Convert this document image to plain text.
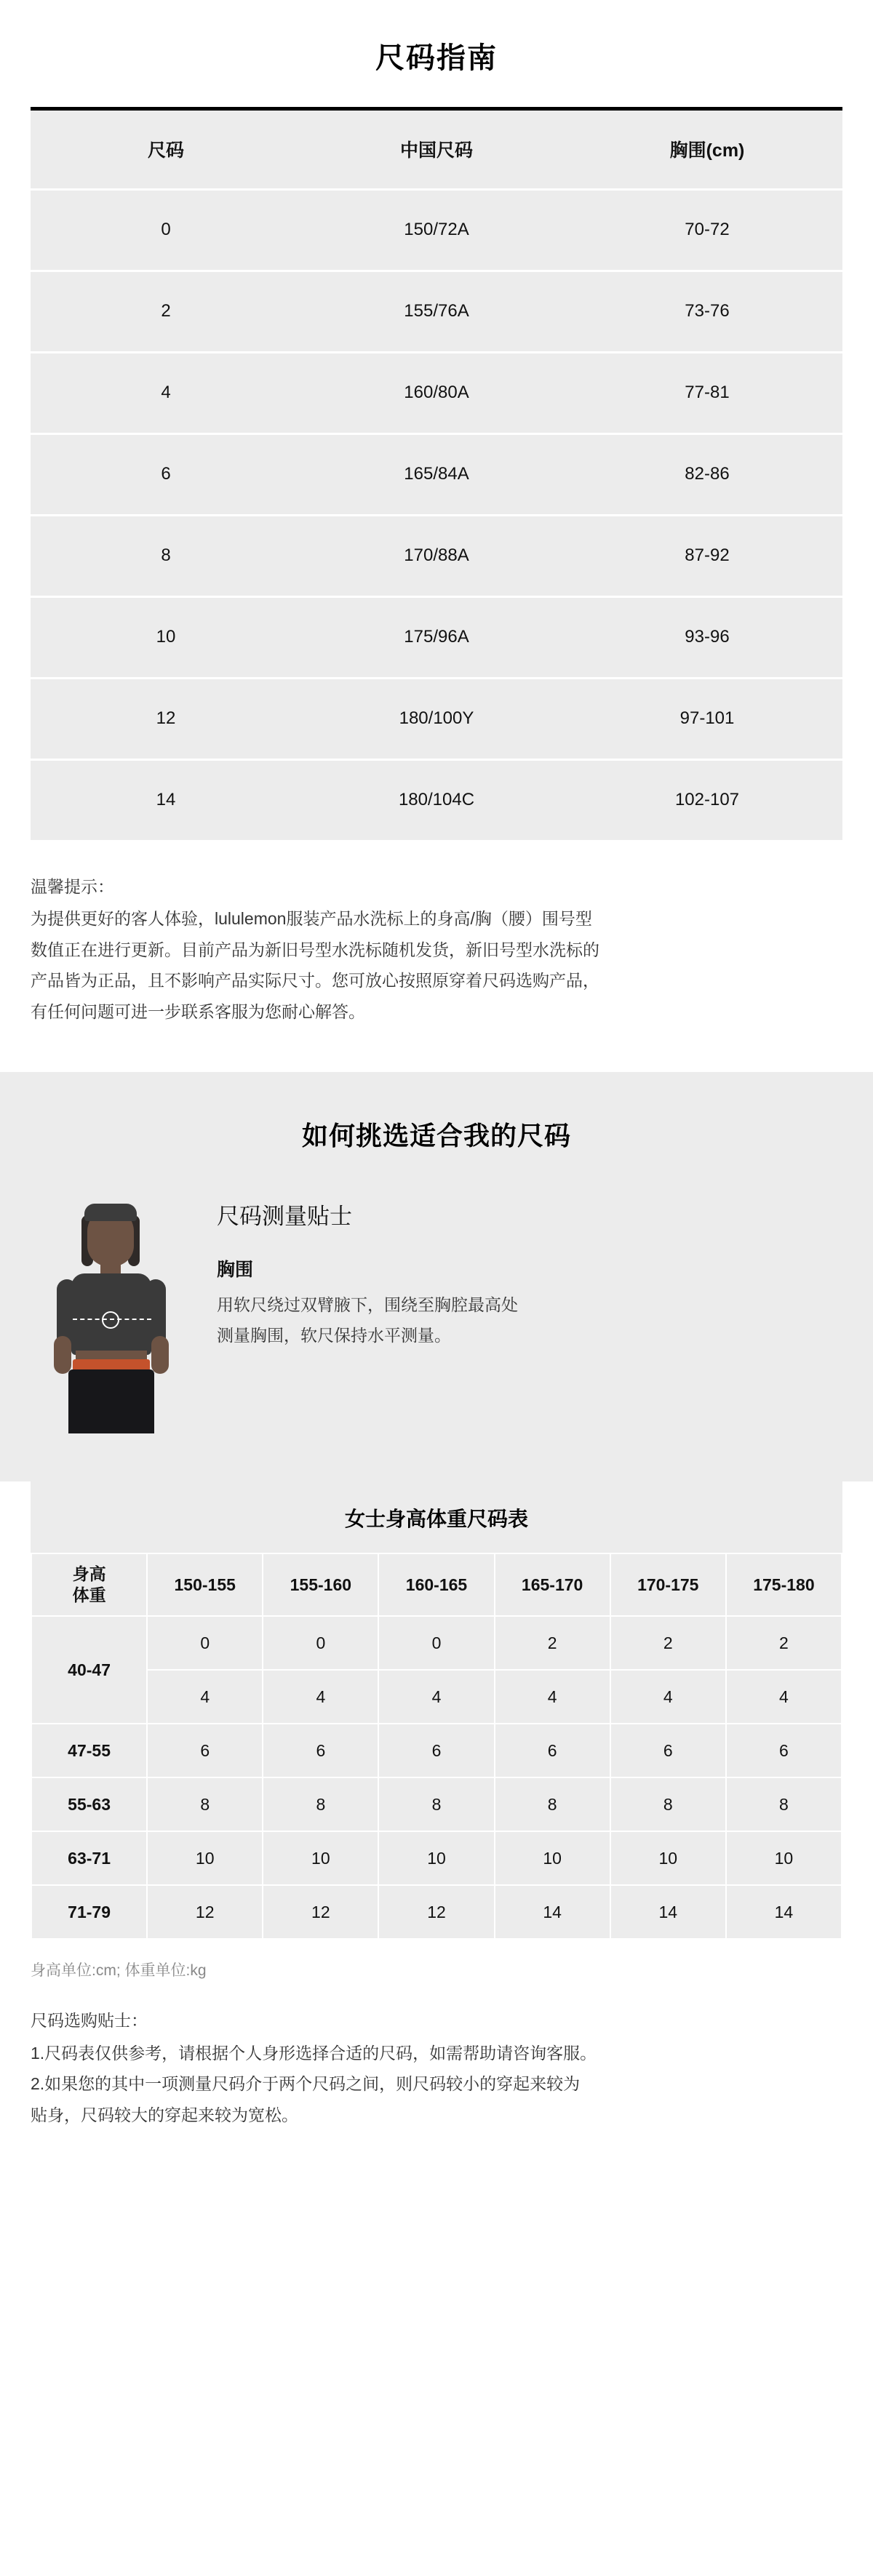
尺码指南
尺码	中国尺码	胸围(cm)
0	150/72A	70-72
2	155/76A	73-76
4	160/80A	77-81
6	165/84A	82-86
8	170/88A	87-92
10	175/96A	93-96
12	180/100Y	97-101
14	180/104C	102-107
温馨提示：
为提供更好的客人体验，lululemon服装产品水洗标上的身高/胸（腰）围号型
数值正在进行更新。目前产品为新旧号型水洗标随机发货，新旧号型水洗标的
产品皆为正品，且不影响产品实际尺寸。您可放心按照原穿着尺码选购产品，
有任何问题可进一步联系客服为您耐心解答。
如何挑选适合我的尺码
尺码测量贴士
胸围
用软尺绕过双臂腋下，围绕至胸腔最高处
测量胸围，软尺保持水平测量。
女士身高体重尺码表
身高
体重	150-155	155-160	160-165	165-170	170-175	175-180
40-47	0	0	0	2	2	2
	4	4	4	4	4	4
47-55	6	6	6	6	6	6
55-63	8	8	8	8	8	8
63-71	10	10	10	10	10	10
71-79	12	12	12	14	14	14
身高单位:cm; 体重单位:kg
尺码选购贴士：
1.尺码表仅供参考，请根据个人身形选择合适的尺码，如需帮助请咨询客服。
2.如果您的其中一项测量尺码介于两个尺码之间，则尺码较小的穿起来较为
贴身，尺码较大的穿起来较为宽松。
